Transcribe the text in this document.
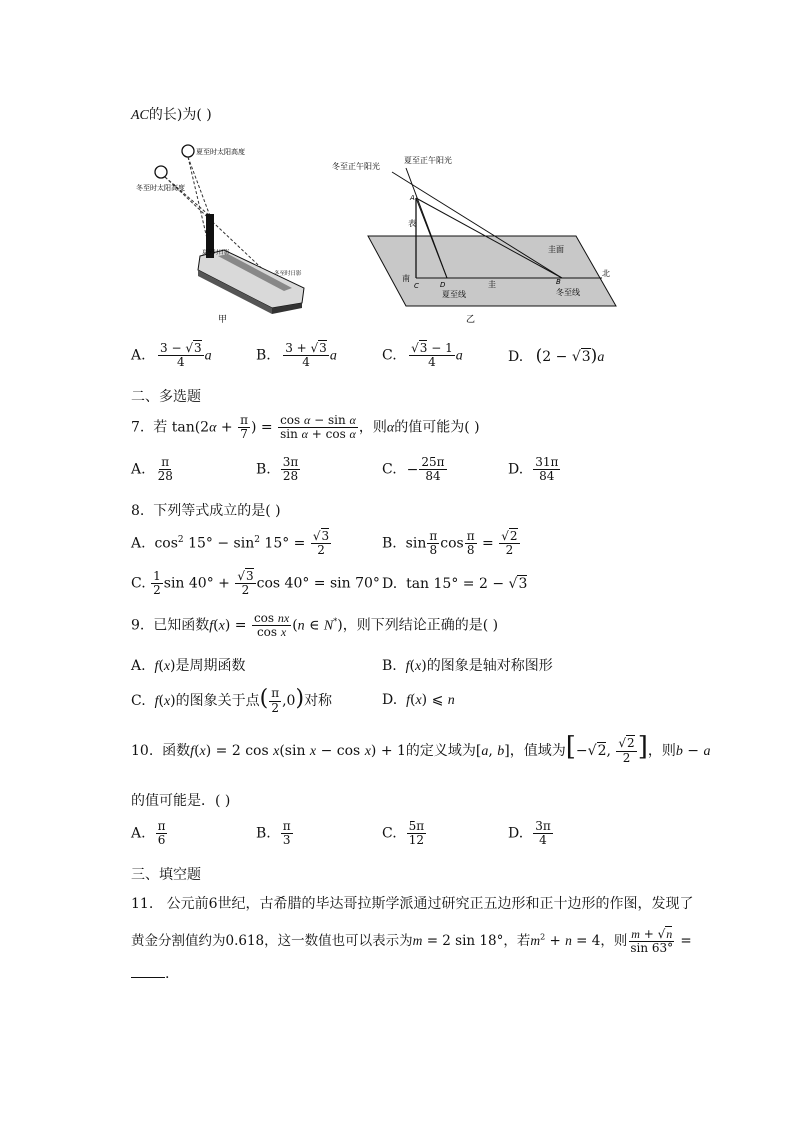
AC的长)为( )
夏至时太阳高度
冬至时太阳高度
夏至时日影
冬至时日影
甲
冬至正午阳光
夏至正午阳光
A
表
圭面
南
C	D
夏至线
圭	B
冬至线
北
乙
A. $\frac{3 - √3}{4}$ a	B. $\frac{3 + √3}{4}$ a	C. $\frac{√3 - 1}{4}$ a	D. (2 − √3)a
二、多选题
7. 若 $\tan(2\alpha + \frac{\pi}{7}$ ) = $\frac{\text{cos α − sin α}}{\text{sin α + cos α}}$ ，则α的值可能为( )
A. $\frac{\pi}{28}$	B. $\frac{3\pi}{28}$	C. − $\frac{25\pi}{84}$	D. $\frac{31\pi}{84}$
8. 下列等式成立的是( )
A.  $\cos^2 15^\circ - \sin^2 15^\circ = \frac{√3}{2}$	B.  $\sin \frac{\pi}{8}$ $\cos \frac{\pi}{8} = \frac{√2}{2}$
C. $\frac{1}{2}$ $\sin 40^\circ + \frac{√3}{2}$ cos 40° = sin 70° D.  tan 15° = 2 − √3
9. 已知函数$f(x) = \frac{\text{cos nx}}{\text{cos x}} (n$ ∈ N*)，则下列结论正确的是( )
A. f(x)是周期函数	B. f(x)的图象是轴对称图形
C. f(x)的图象关于点( $\frac{\pi}{2} ,0$)对称	D. f(x) ⩽ n
10. 函数f(x) = 2 cos x(sin x − cos x) + 1的定义域为[a, b]，值域为[−√2, $\frac{√2}{2}$ ]，则b − a
的值可能是．( )
A. $\frac{\pi}{6}$	B. $\frac{\pi}{3}$	C. $\frac{5\pi}{12}$	D. $\frac{3\pi}{4}$
三、填空题
11. 公元前6世纪，古希腊的毕达哥拉斯学派通过研究正五边形和正十边形的作图，发现了
黄金分割值约为0.618，这一数值也可以表示为m = 2 sin 18°，若$m^2 + n = 4$，则 $\frac{m + √n}{\sin 63^\circ}$ =
.
